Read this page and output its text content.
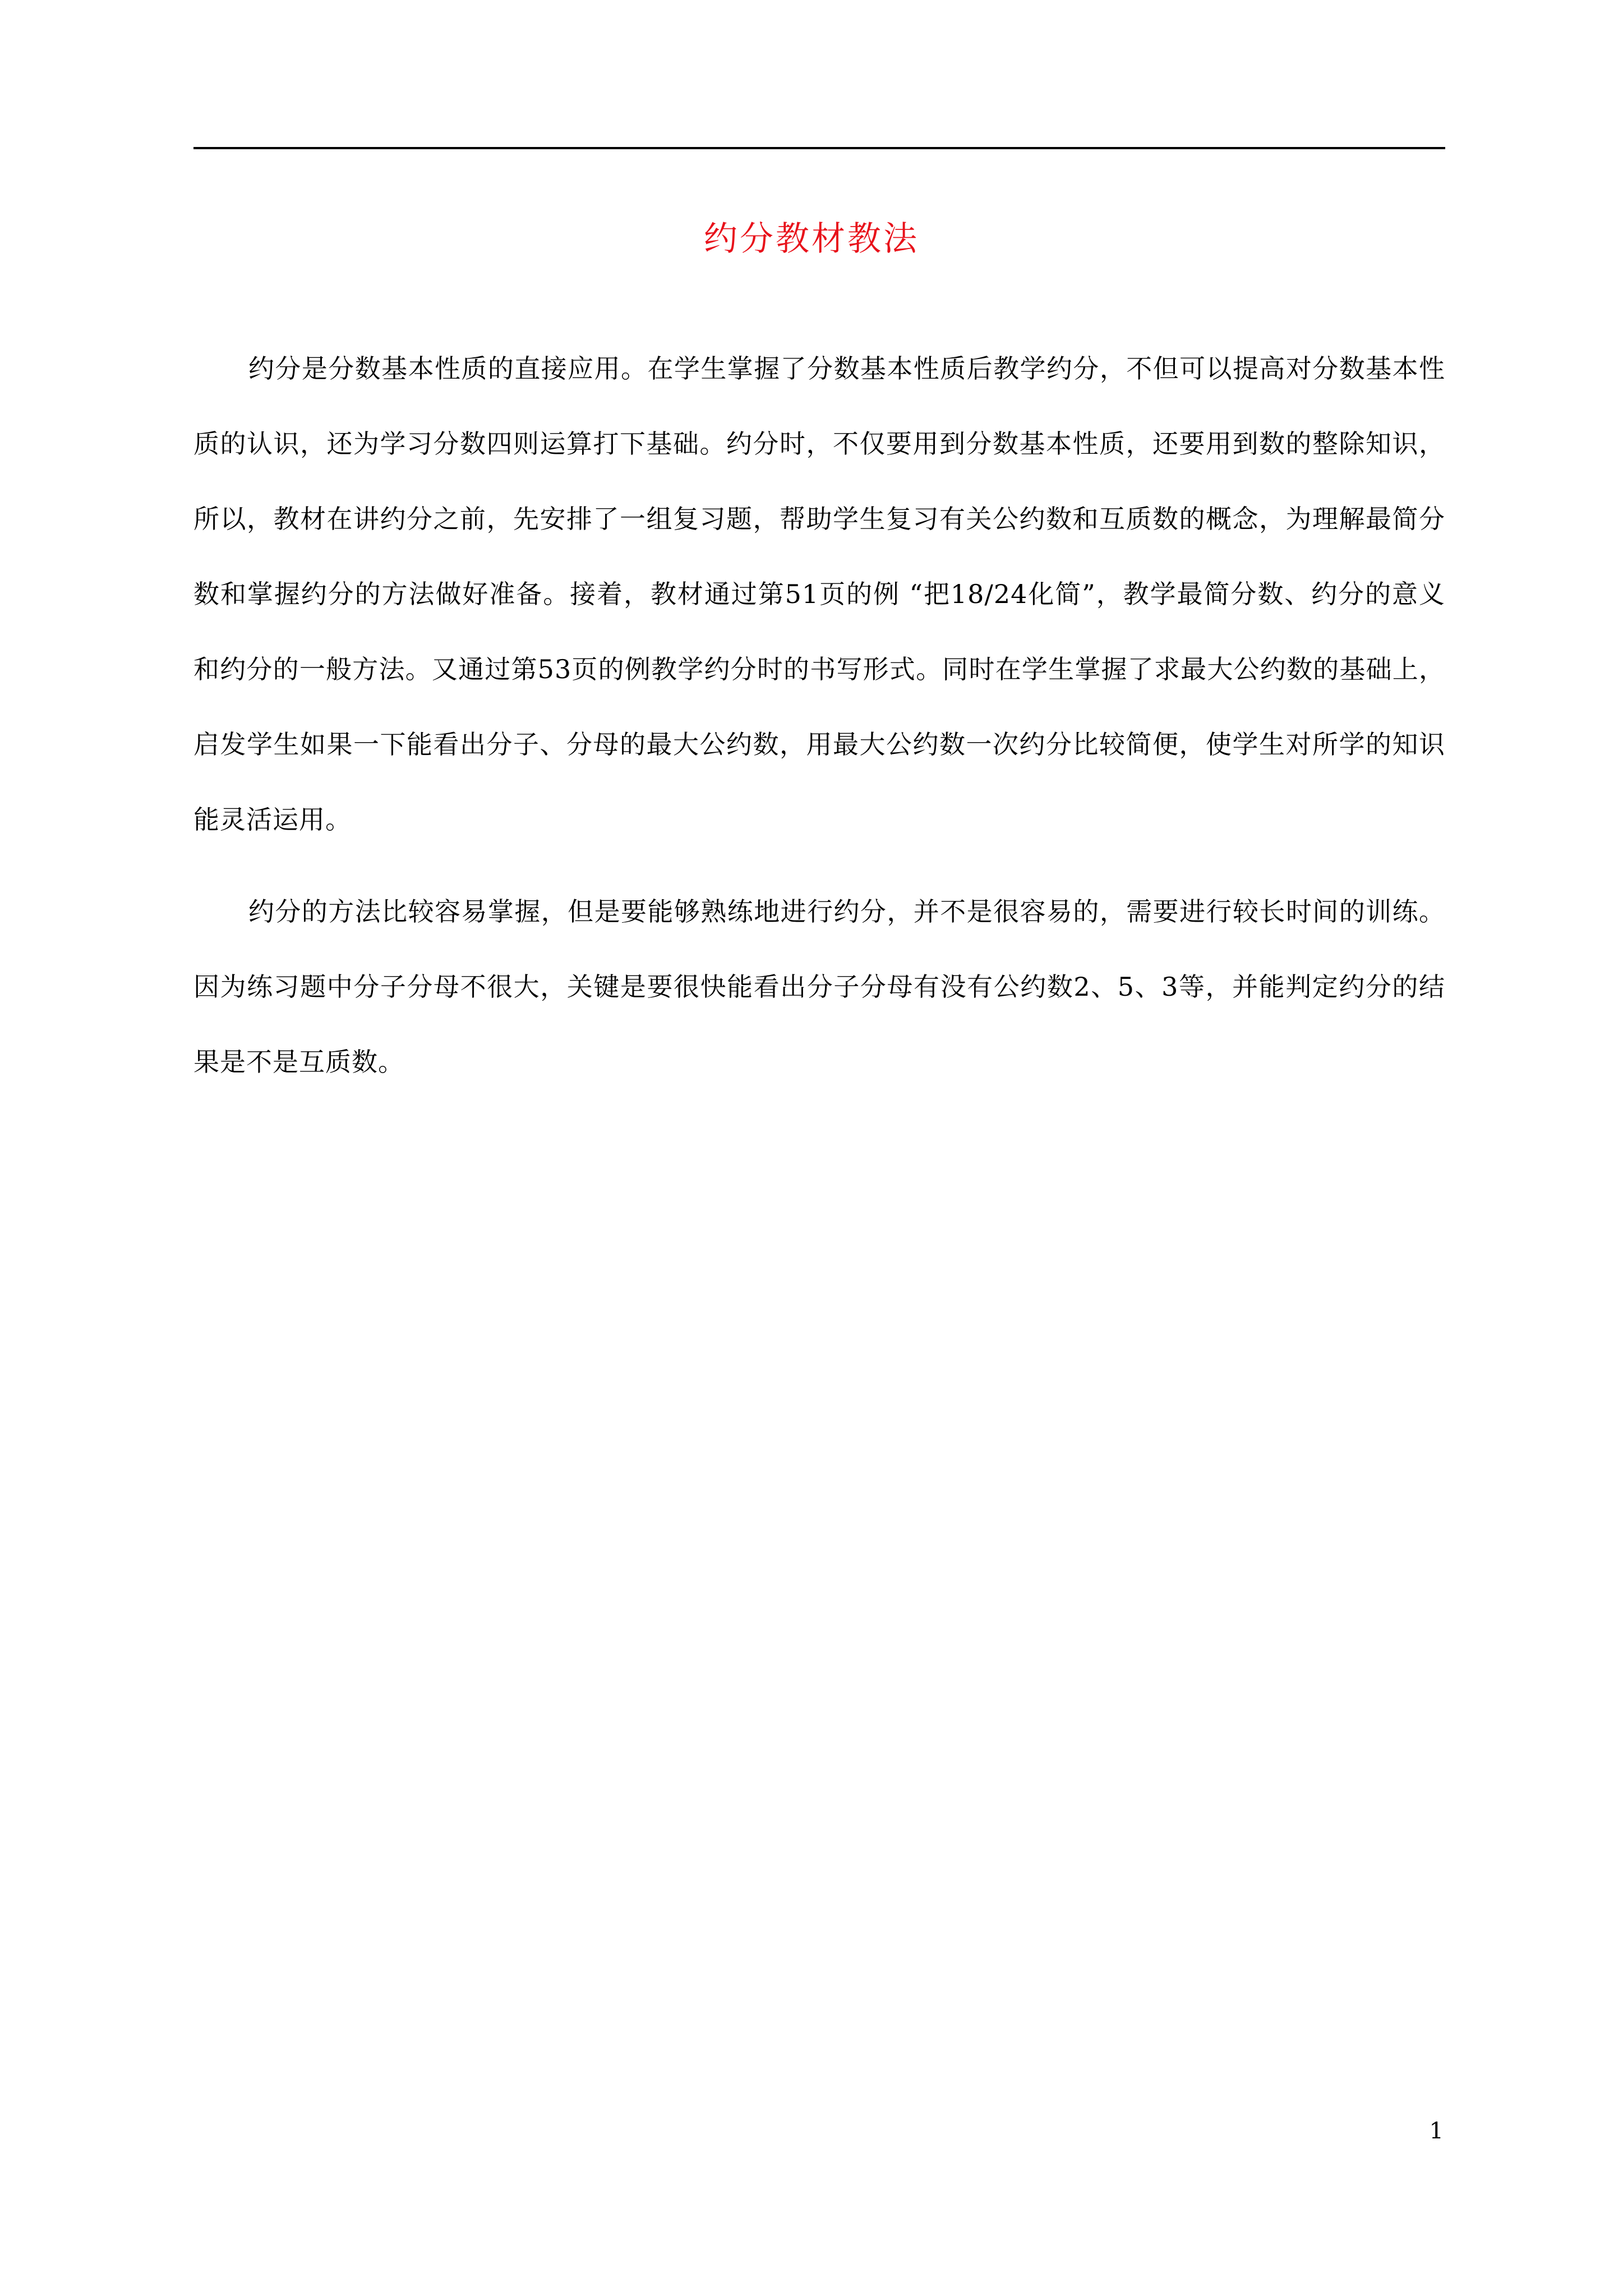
约分教材教法

约分是分数基本性质的直接应用。在学生掌握了分数基本性质后教学约分，不但可以提高对分数基本性质的认识，还为学习分数四则运算打下基础。约分时，不仅要用到分数基本性质，还要用到数的整除知识，所以，教材在讲约分之前，先安排了一组复习题，帮助学生复习有关公约数和互质数的概念，为理解最简分数和掌握约分的方法做好准备。接着，教材通过第51页的例 “把18/24化简”，教学最简分数、约分的意义和约分的一般方法。又通过第53页的例教学约分时的书写形式。同时在学生掌握了求最大公约数的基础上，启发学生如果一下能看出分子、分母的最大公约数，用最大公约数一次约分比较简便，使学生对所学的知识能灵活运用。

约分的方法比较容易掌握，但是要能够熟练地进行约分，并不是很容易的，需要进行较长时间的训练。因为练习题中分子分母不很大，关键是要很快能看出分子分母有没有公约数2、5、3等，并能判定约分的结果是不是互质数。

1
